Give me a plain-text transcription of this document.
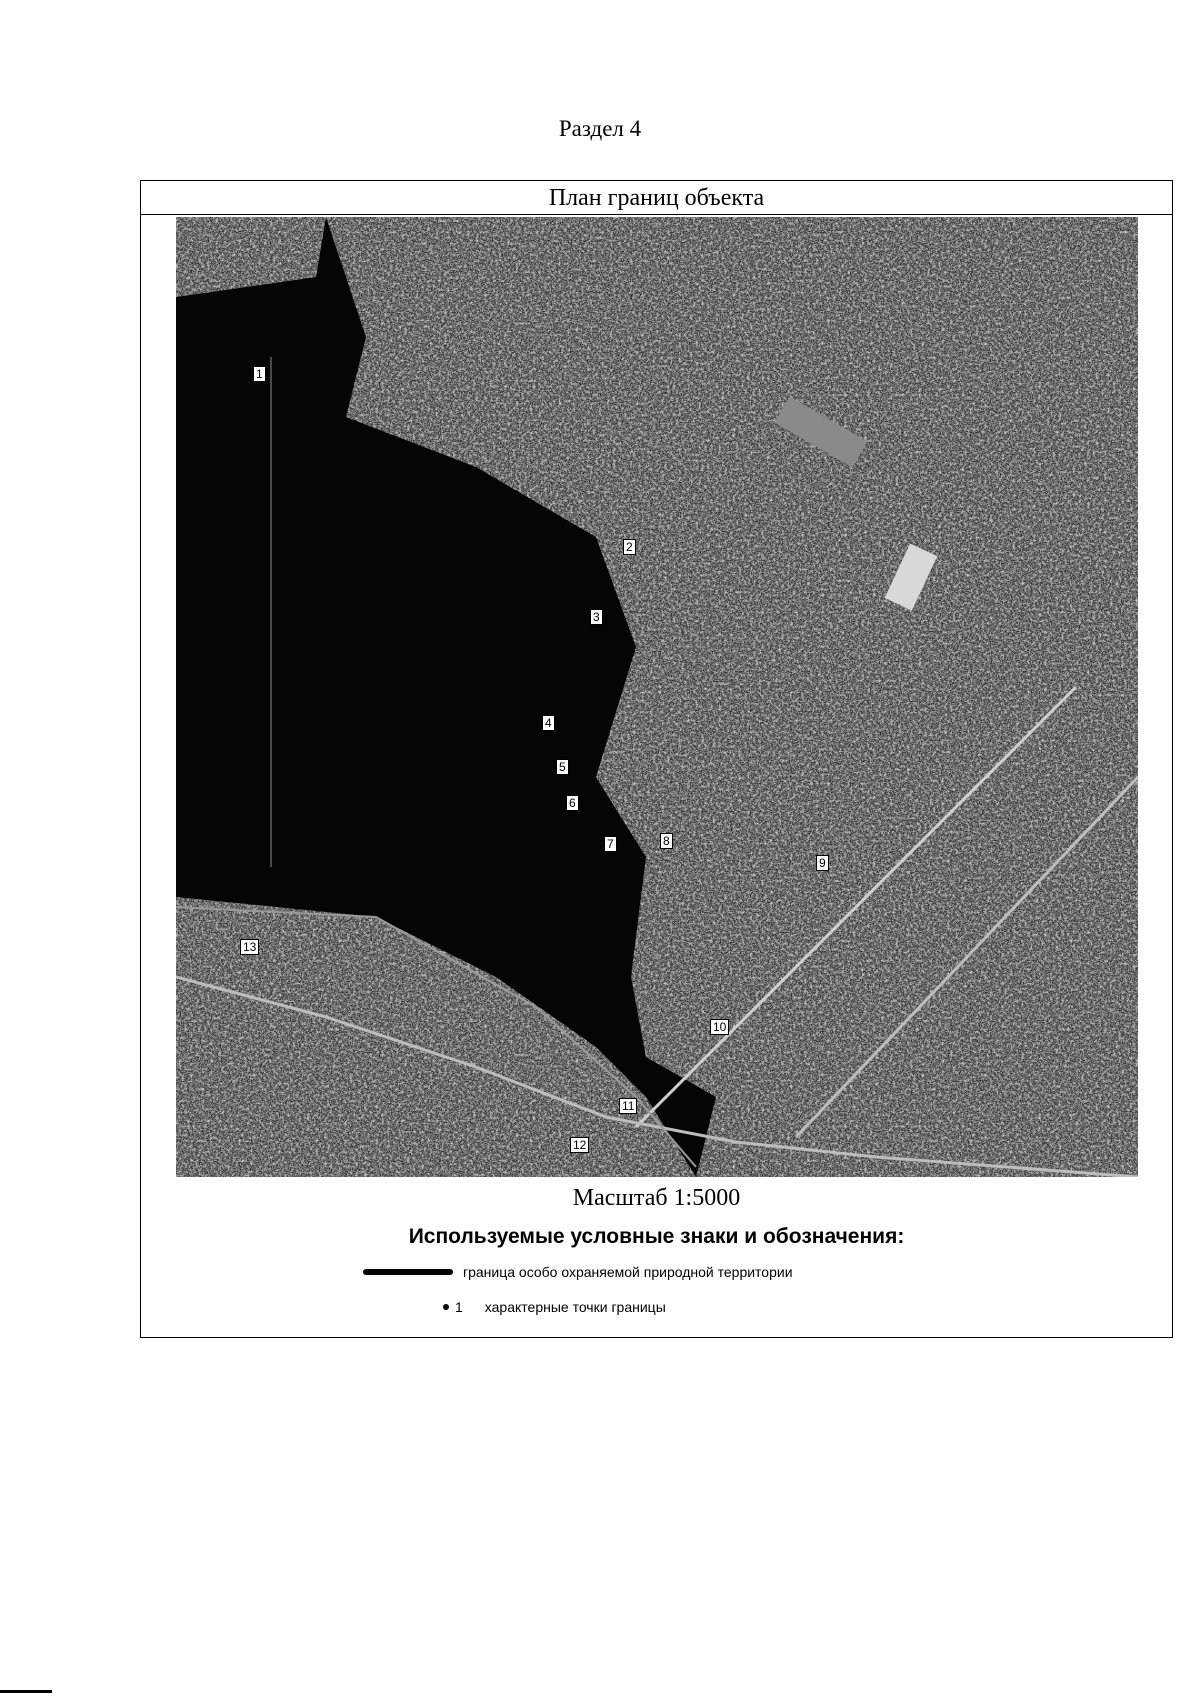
Раздел 4
План границ объекта
1
2
3
4
5
6
7	8
9
10
11
12
13
Масштаб 1:5000
Используемые условные знаки и обозначения:
граница особо охраняемой природной территории
1 характерные точки границы
